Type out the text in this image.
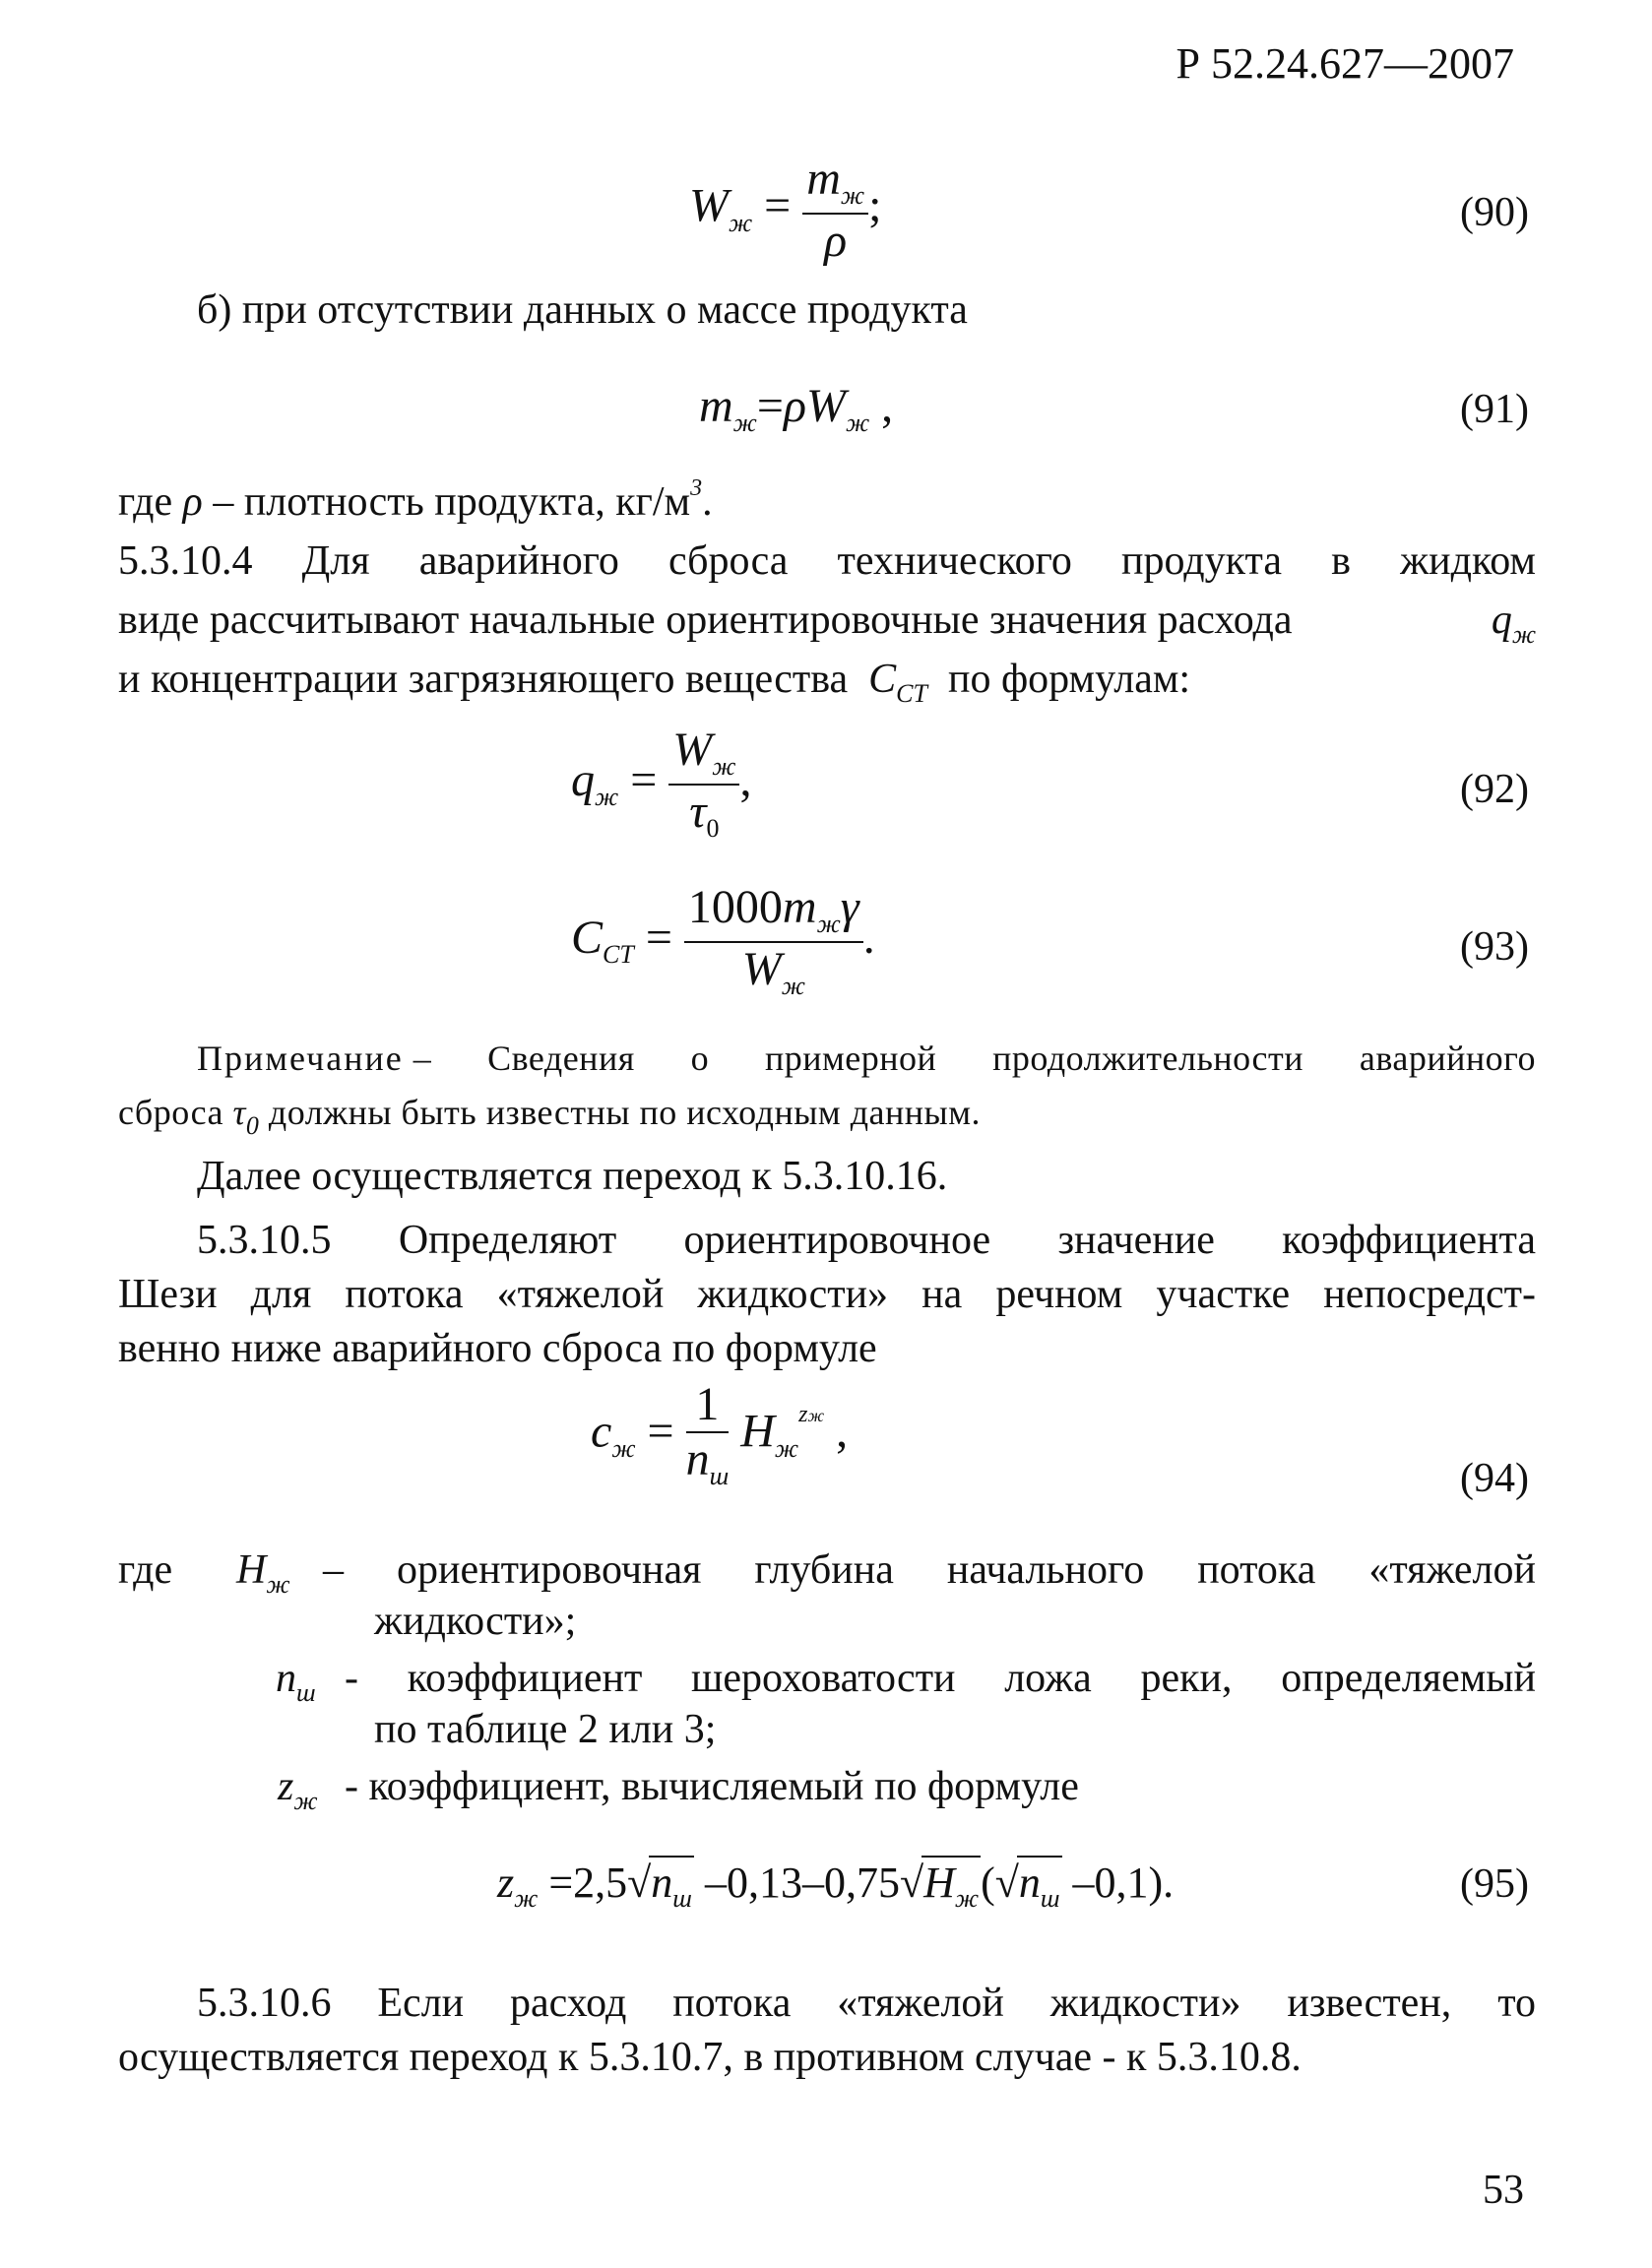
Р 52.24.627—2007
$W_ж = \frac{m_ж}{\rho}$ ;	(90)
б) при отсутствии данных о массе продукта
$m_ж=\rho W_ж$ ,	(91)
где ρ – плотность продукта, $кг/м^3$.
5.3.10.4 Для аварийного сброса технического продукта в жидком
виде рассчитывают начальные ориентировочные значения расхода	$q_ж$
и концентрации загрязняющего вещества $C_{СТ}$ по формулам:
$q_ж = \frac{W_ж}{\tau_0}$ ,	(92)
$C_{СТ} = \frac{1000m_ж\gamma}{W_ж}$ .	(93)
Примечание – Сведения о примерной продолжительности аварийного
сброса $\tau_0$ должны быть известны по исходным данным.
Далее осуществляется переход к 5.3.10.16.
5.3.10.5 Определяют ориентировочное значение коэффициента
Шези для потока «тяжелой жидкости» на речном участке непосредст-
венно ниже аварийного сброса по формуле
$c_ж = \frac{1}{n_ш} H_ж^{zж}$ ,
(94)
где $H_ж$ – ориентировочная глубина начального потока «тяжелой
жидкости»;
$n_ш$ - коэффициент шероховатости ложа реки, определяемый
по таблице 2 или 3;
$z_ж$ - коэффициент, вычисляемый по формуле
$z_ж =2,5√n_ш$ $-0,13-0,75√H_ж(√n_ш$ –0,1).	(95)
5.3.10.6 Если расход потока «тяжелой жидкости» известен, то
осуществляется переход к 5.3.10.7, в противном случае - к 5.3.10.8.
53
